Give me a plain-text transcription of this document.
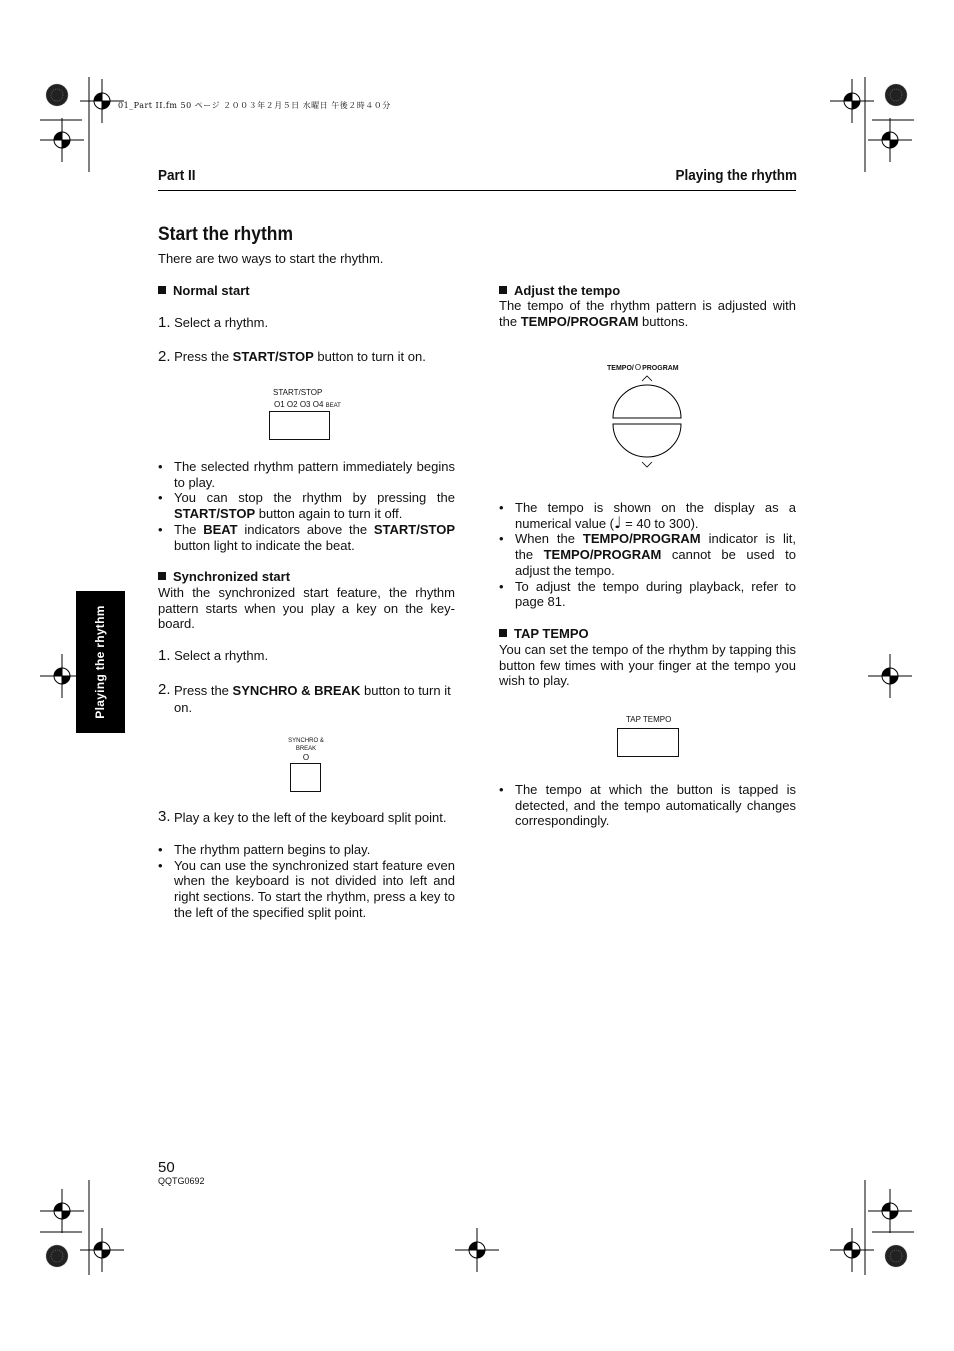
01_Part II.fm 50 ページ ２００３年２月５日 水曜日 午後２時４０分
Part II	Playing the rhythm
Start the rhythm
There are two ways to start the rhythm.
Playing the rhythm
Normal start
1. Select a rhythm.
2. Press the START/STOP button to turn it on.
START/STOP
O1 O2 O3 O4 BEAT
• The selected rhythm pattern immediately begins to play.
• You can stop the rhythm by pressing the START/STOP button again to turn it off.
• The BEAT indicators above the START/STOP button light to indicate the beat.
Synchronized start
With the synchronized start feature, the rhythm pattern starts when you play a key on the key-board.
1. Select a rhythm.
2. Press the SYNCHRO & BREAK button to turn it on.
SYNCHRO &
BREAK
O
3. Play a key to the left of the keyboard split point.
• The rhythm pattern begins to play.
• You can use the synchronized start feature even when the keyboard is not divided into left and right sections. To start the rhythm, press a key to the left of the specified split point.
Adjust the tempo
The tempo of the rhythm pattern is adjusted with the TEMPO/PROGRAM buttons.
TEMPO/OPROGRAM
• The tempo is shown on the display as a numerical value (♩ = 40 to 300).
• When the TEMPO/PROGRAM indicator is lit, the TEMPO/PROGRAM cannot be used to adjust the tempo.
• To adjust the tempo during playback, refer to page 81.
TAP TEMPO
You can set the tempo of the rhythm by tapping this button few times with your finger at the tempo you wish to play.
TAP TEMPO
• The tempo at which the button is tapped is detected, and the tempo automatically changes correspondingly.
50
QQTG0692
